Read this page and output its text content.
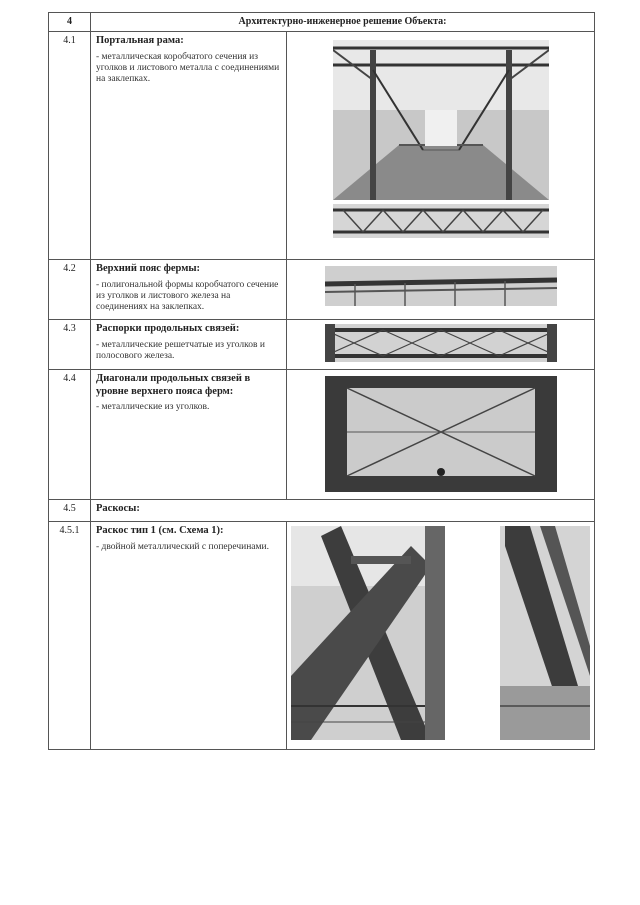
4	Архитектурно-инженерное решение Объекта:	
4.1	Портальная рама:
- металлическая коробчатого сечения из уголков и листового металла с соединениями на заклепках.

4.2	Верхний пояс фермы:
- полигональной формы коробчатого сечение из уголков и листового железа на соединениях на заклепках.

4.3	Распорки продольных связей:
- металлические решетчатые из уголков и полосового железа.

4.4	Диагонали продольных связей в уровне верхнего пояса ферм:
- металлические из уголков.

4.5	Раскосы:	

4.5.1	Раскос тип 1 (см. Схема 1):
- двойной металлический с поперечинами.
